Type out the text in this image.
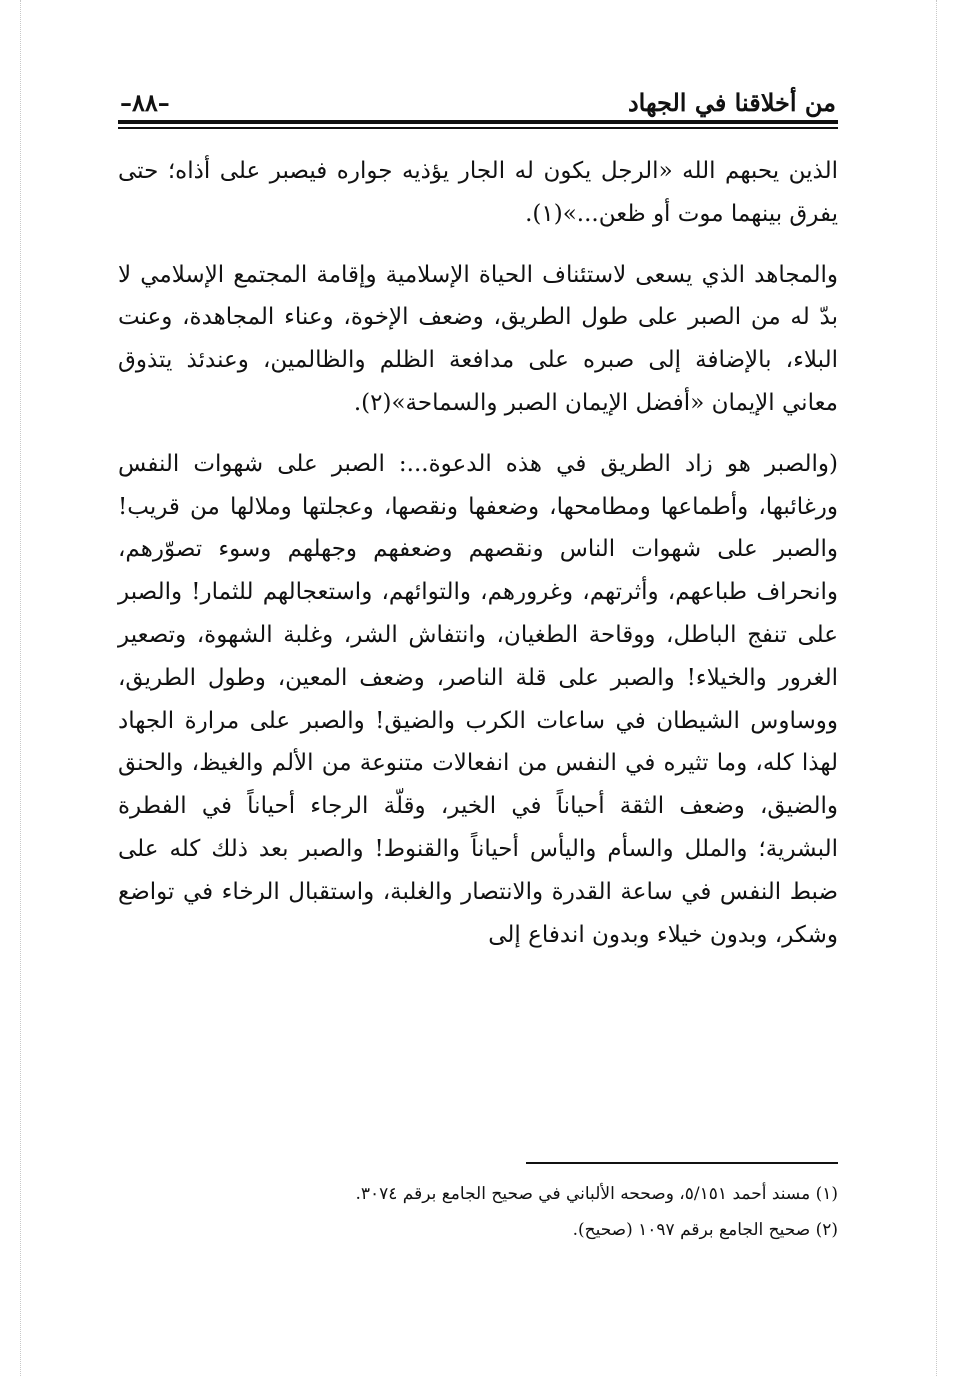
من أخلاقنا في الجهاد
–٨٨–

الذين يحبهم الله «الرجل يكون له الجار يؤذيه جواره فيصبر على أذاه؛ حتى يفرق بينهما موت أو ظعن...»(١).

والمجاهد الذي يسعى لاستئناف الحياة الإسلامية وإقامة المجتمع الإسلامي لا بدّ له من الصبر على طول الطريق، وضعف الإخوة، وعناء المجاهدة، وعنت البلاء، بالإضافة إلى صبره على مدافعة الظلم والظالمين، وعندئذ يتذوق معاني الإيمان «أفضل الإيمان الصبر والسماحة»(٢).

(والصبر هو زاد الطريق في هذه الدعوة...: الصبر على شهوات النفس ورغائبها، وأطماعها ومطامحها، وضعفها ونقصها، وعجلتها وملالها من قريب! والصبر على شهوات الناس ونقصهم وضعفهم وجهلهم وسوء تصوّرهم، وانحراف طباعهم، وأثرتهم، وغرورهم، والتوائهم، واستعجالهم للثمار! والصبر على تنفج الباطل، ووقاحة الطغيان، وانتفاش الشر، وغلبة الشهوة، وتصعير الغرور والخيلاء! والصبر على قلة الناصر، وضعف المعين، وطول الطريق، ووساوس الشيطان في ساعات الكرب والضيق! والصبر على مرارة الجهاد لهذا كله، وما تثيره في النفس من انفعالات متنوعة من الألم والغيظ، والحنق والضيق، وضعف الثقة أحياناً في الخير، وقلّة الرجاء أحياناً في الفطرة البشرية؛ والملل والسأم واليأس أحياناً والقنوط! والصبر بعد ذلك كله على ضبط النفس في ساعة القدرة والانتصار والغلبة، واستقبال الرخاء في تواضع وشكر، وبدون خيلاء وبدون اندفاع إلى

(١) مسند أحمد ٥/١٥١، وصححه الألباني في صحيح الجامع برقم ٣٠٧٤.
(٢) صحيح الجامع برقم ١٠٩٧ (صحيح).
